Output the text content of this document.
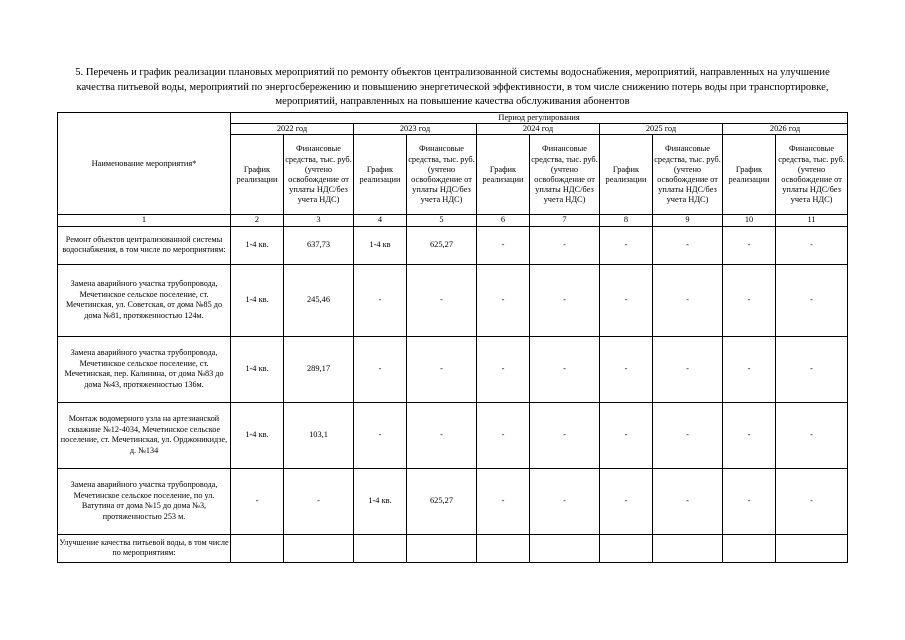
5. Перечень и график реализации плановых мероприятий по ремонту объектов централизованной системы водоснабжения, мероприятий, направленных на улучшение
качества питьевой воды, мероприятий по энергосбережению и повышению энергетической эффективности, в том числе снижению потерь воды при транспортировке,
мероприятий, направленных на повышение качества обслуживания абонентов
Наименование мероприятия*	Период регулирования									
	2022 год		2023 год		2024 год		2025 год		2026 год	
	График реализации	Финансовые средства, тыс. руб. (учтено освобождение от уплаты НДС/без учета НДС)	График реализации	Финансовые средства, тыс. руб. (учтено освобождение от уплаты НДС/без учета НДС)	График реализации	Финансовые средства, тыс. руб. (учтено освобождение от уплаты НДС/без учета НДС)	График реализации	Финансовые средства, тыс. руб. (учтено освобождение от уплаты НДС/без учета НДС)	График реализации	Финансовые средства, тыс. руб. (учтено освобождение от уплаты НДС/без учета НДС)
1	2	3	4	5	6	7	8	9	10	11
Ремонт объектов централизованной системы водоснабжения, в том числе по мероприятиям:	1-4 кв.	637,73	1-4 кв	625,27	-	-	-	-	-	-
Замена аварийного участка трубопровода, Мечетинское сельское поселение, ст. Мечетинская, ул. Советская, от дома №85 до дома №81, протяженностью 124м.	1-4 кв.	245,46	-	-	-	-	-	-	-	-
Замена аварийного участка трубопровода, Мечетинское сельское поселение, ст. Мечетинская, пер. Калинина, от дома №83 до дома №43, протяженностью 136м.	1-4 кв.	289,17	-	-	-	-	-	-	-	-
Монтаж водомерного узла на артезианской скважине №12-4034, Мечетинское сельское поселение, ст. Мечетинская, ул. Орджоникидзе, д. №134	1-4 кв.	103,1	-	-	-	-	-	-	-	-
Замена аварийного участка трубопровода, Мечетинское сельское поселение, по ул. Ватутина от дома №15 до дома №3, протяженностью 253 м.	-	-	1-4 кв.	625,27	-	-	-	-	-	-
Улучшение качества питьевой воды, в том числе по мероприятиям:										
